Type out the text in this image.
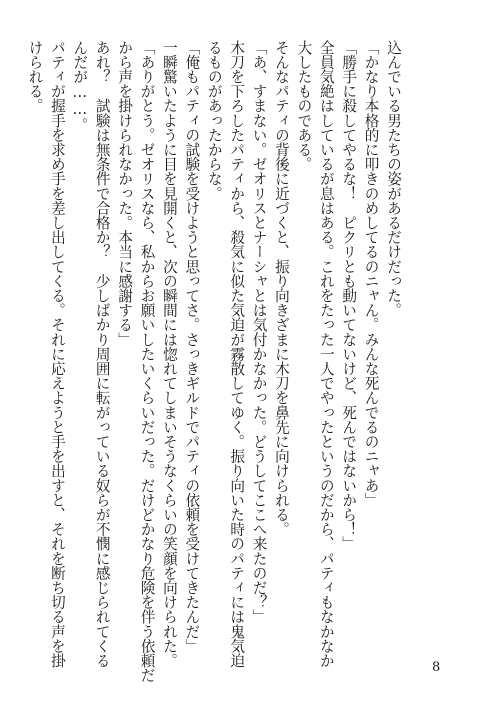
込んでいる男たちの姿があるだけだった。
「かなり本格的に叩きのめしてるのニャん。みんな死んでるのニャあ」
「勝手に殺してやるな！　ピクリとも動いてないけど、死んではないから！」
全員気絶はしているが息はある。これをたった一人でやったというのだから、パティもなかなか
大したものである。
そんなパティの背後に近づくと、振り向きざまに木刀を鼻先に向けられる。
「あ、すまない。ゼオリスとナーシャとは気付かなかった。どうしてここへ来たのだ？」
木刀を下ろしたパティから、殺気に似た気迫が霧散してゆく。振り向いた時のパティには鬼気迫
るものがあったからな。
「俺もパティの試験を受けようと思ってさ。さっきギルドでパティの依頼を受けてきたんだ」
一瞬驚いたように目を見開くと、次の瞬間には惚れてしまいそうなくらいの笑顔を向けられた。
「ありがとう。ゼオリスなら、私からお願いしたいくらいだった。だけどかなり危険を伴う依頼だ
から声を掛けられなかった。本当に感謝する」
あれ？　試験は無条件で合格か？　少しばかり周囲に転がっている奴らが不憫に感じられてくる
んだが……。
パティが握手を求め手を差し出してくる。それに応えようと手を出すと、それを断ち切る声を掛
けられる。
8
